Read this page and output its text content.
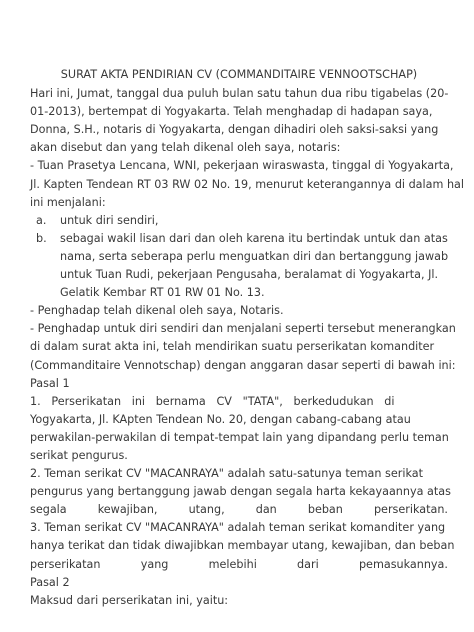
SURAT AKTA PENDIRIAN CV (COMMANDITAIRE VENNOOTSCHAP)

Hari ini, Jumat, tanggal dua puluh bulan satu tahun dua ribu tigabelas (20-
01-2013), bertempat di Yogyakarta. Telah menghadap di hadapan saya,
Donna, S.H., notaris di Yogyakarta, dengan dihadiri oleh saksi-saksi yang
akan disebut dan yang telah dikenal oleh saya, notaris:

- Tuan Prasetya Lencana, WNI, pekerjaan wiraswasta, tinggal di Yogyakarta,
Jl. Kapten Tendean RT 03 RW 02 No. 19, menurut keterangannya di dalam hal
ini menjalani:

a.	untuk diri sendiri,
b.	sebagai wakil lisan dari dan oleh karena itu bertindak untuk dan atas
nama, serta seberapa perlu menguatkan diri dan bertanggung jawab
untuk Tuan Rudi, pekerjaan Pengusaha, beralamat di Yogyakarta, Jl.
Gelatik Kembar RT 01 RW 01 No. 13.

- Penghadap telah dikenal oleh saya, Notaris.

- Penghadap untuk diri sendiri dan menjalani seperti tersebut menerangkan
di dalam surat akta ini, telah mendirikan suatu perserikatan komanditer
(Commanditaire Vennotschap) dengan anggaran dasar seperti di bawah ini:

Pasal 1

1.   Perserikatan   ini   bernama   CV   "TATA",   berkedudukan   di
Yogyakarta, Jl. KApten Tendean No. 20, dengan cabang-cabang atau
perwakilan-perwakilan di tempat-tempat lain yang dipandang perlu teman
serikat pengurus.

2. Teman serikat CV "MACANRAYA" adalah satu-satunya teman serikat
pengurus yang bertanggung jawab dengan segala harta kekayaannya atas
segala	kewajiban,	utang,	dan	beban	perserikatan.

3. Teman serikat CV "MACANRAYA" adalah teman serikat komanditer yang
hanya terikat dan tidak diwajibkan membayar utang, kewajiban, dan beban
perserikatan	yang	melebihi	dari	pemasukannya.

Pasal 2

Maksud dari perserikatan ini, yaitu:
